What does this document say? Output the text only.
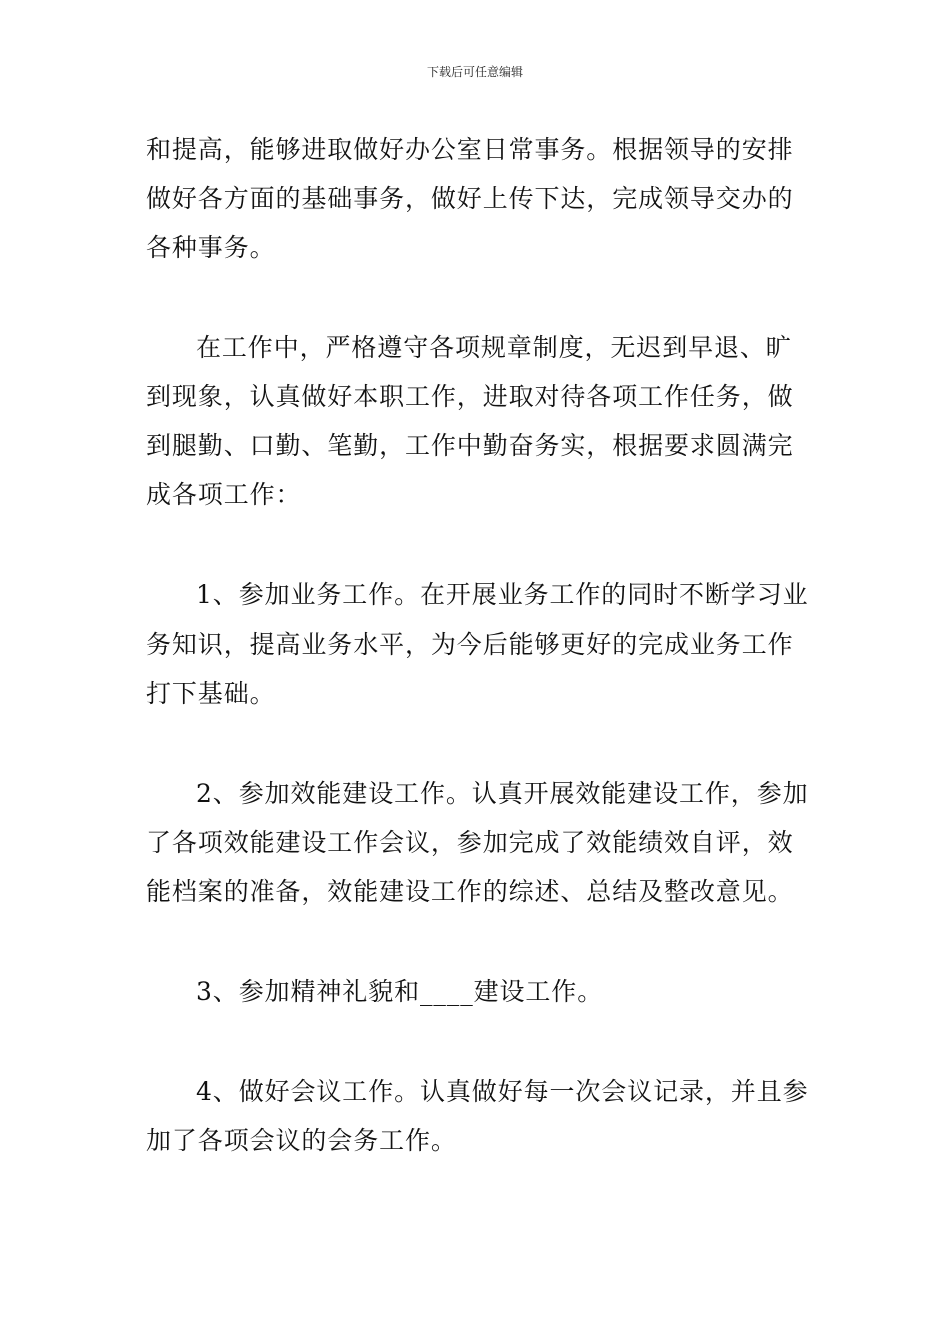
下载后可任意编辑
和提高，能够进取做好办公室日常事务。根据领导的安排
做好各方面的基础事务，做好上传下达，完成领导交办的
各种事务。
在工作中，严格遵守各项规章制度，无迟到早退、旷
到现象，认真做好本职工作，进取对待各项工作任务，做
到腿勤、口勤、笔勤，工作中勤奋务实，根据要求圆满完
成各项工作：
1、参加业务工作。在开展业务工作的同时不断学习业
务知识，提高业务水平，为今后能够更好的完成业务工作
打下基础。
2、参加效能建设工作。认真开展效能建设工作，参加
了各项效能建设工作会议，参加完成了效能绩效自评，效
能档案的准备，效能建设工作的综述、总结及整改意见。
3、参加精神礼貌和____建设工作。
4、做好会议工作。认真做好每一次会议记录，并且参
加了各项会议的会务工作。
